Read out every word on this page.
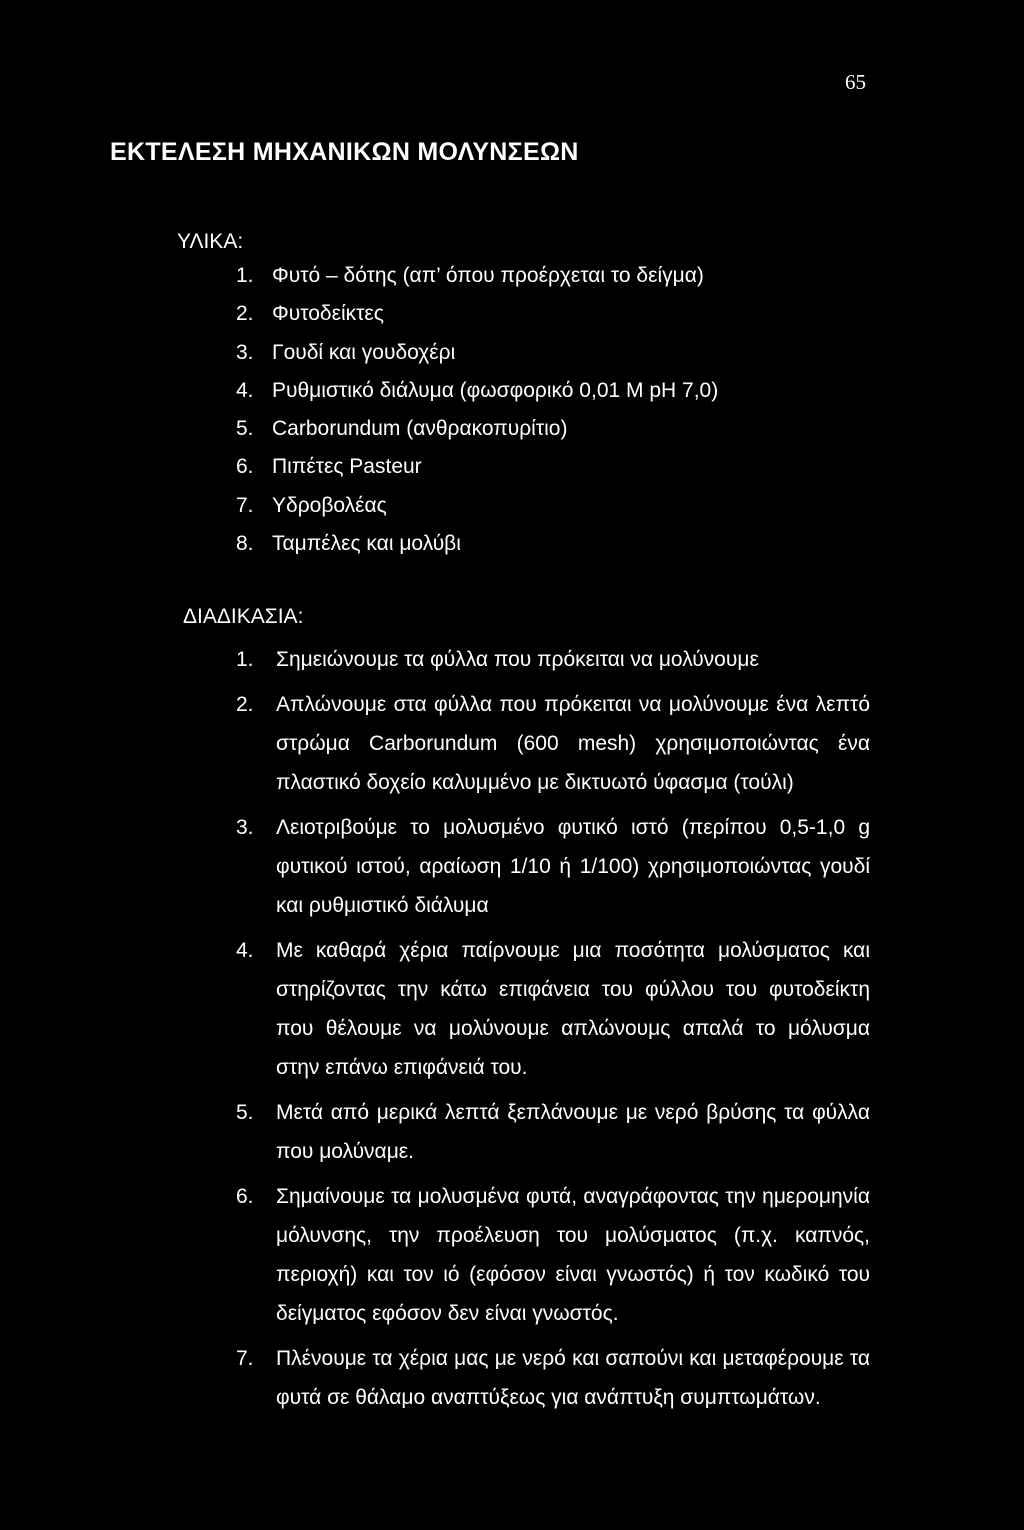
65
ΕΚΤΕΛΕΣΗ ΜΗΧΑΝΙΚΩΝ ΜΟΛΥΝΣΕΩΝ
ΥΛΙΚΑ:
1. Φυτό – δότης (απ’ όπου προέρχεται το δείγμα)
2. Φυτοδείκτες
3. Γουδί και γουδοχέρι
4. Ρυθμιστικό διάλυμα (φωσφορικό 0,01 Μ pH 7,0)
5. Carborundum (ανθρακοπυρίτιο)
6. Πιπέτες Pasteur
7. Υδροβολέας
8. Ταμπέλες και μολύβι
ΔΙΑΔΙΚΑΣΙΑ:
1.	Σημειώνουμε τα φύλλα που πρόκειται να μολύνουμε
2.	Απλώνουμε στα φύλλα που πρόκειται να μολύνουμε ένα λεπτό στρώμα Carborundum (600 mesh) χρησιμοποιώντας ένα πλαστικό δοχείο καλυμμένο με δικτυωτό ύφασμα (τούλι)
3.	Λειοτριβούμε το μολυσμένο φυτικό ιστό (περίπου 0,5-1,0 g φυτικού ιστού, αραίωση 1/10 ή 1/100) χρησιμοποιώντας γουδί και ρυθμιστικό διάλυμα
4.	Με καθαρά χέρια παίρνουμε μια ποσότητα μολύσματος και στηρίζοντας την κάτω επιφάνεια του φύλλου του φυτοδείκτη που θέλουμε να μολύνουμε απλώνουμς απαλά το μόλυσμα στην επάνω επιφάνειά του.
5.	Μετά από μερικά λεπτά ξεπλάνουμε με νερό βρύσης τα φύλλα που μολύναμε.
6.	Σημαίνουμε τα μολυσμένα φυτά, αναγράφοντας την ημερομηνία μόλυνσης, την προέλευση του μολύσματος (π.χ. καπνός, περιοχή) και τον ιό (εφόσον είναι γνωστός) ή τον κωδικό του δείγματος εφόσον δεν είναι γνωστός.
7.	Πλένουμε τα χέρια μας με νερό και σαπούνι και μεταφέρουμε τα φυτά σε θάλαμο αναπτύξεως για ανάπτυξη συμπτωμάτων.
